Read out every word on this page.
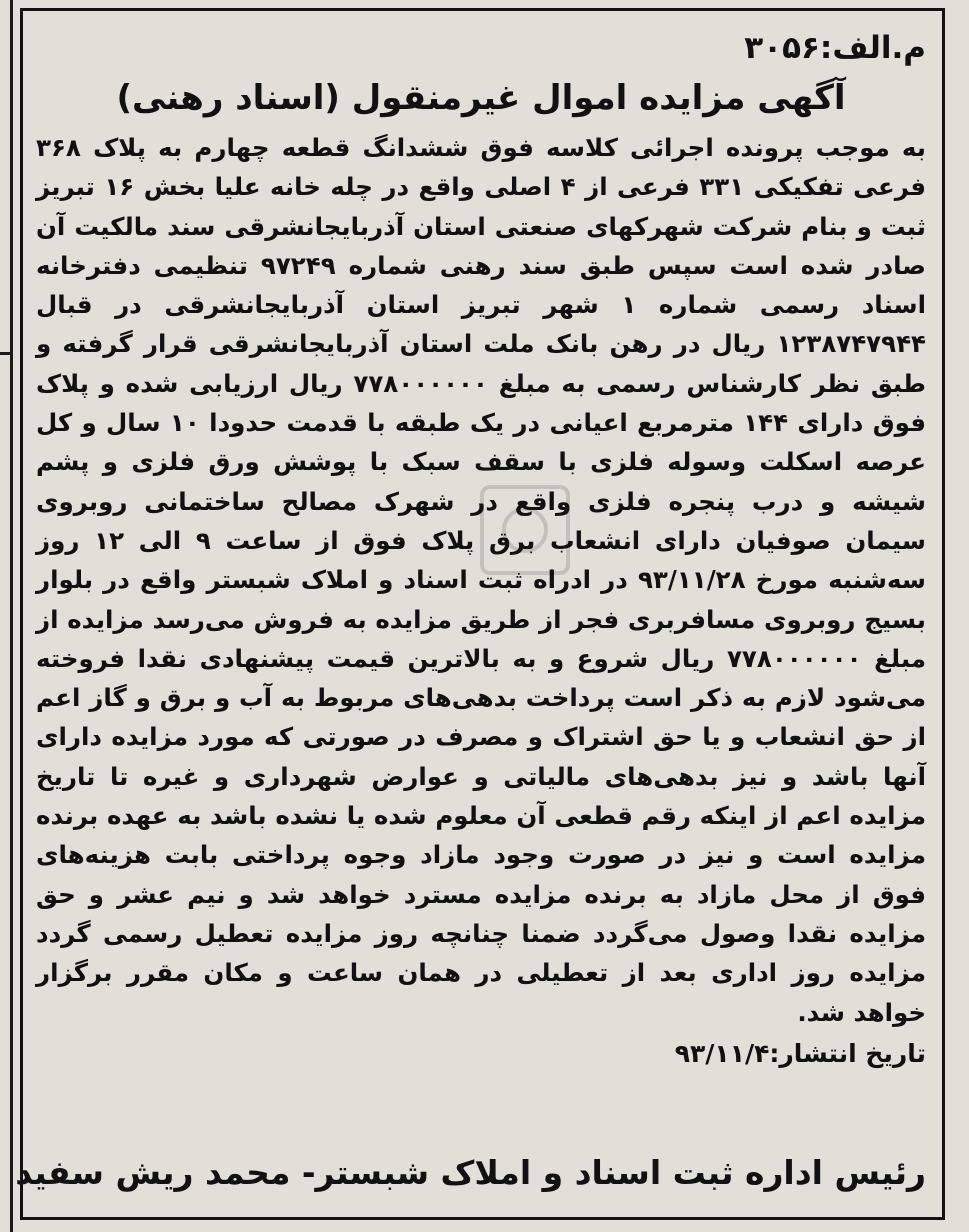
م.الف:۳۰۵۶
آگهی مزایده اموال غیرمنقول (اسناد رهنی)
به موجب پرونده اجرائی کلاسه فوق ششدانگ قطعه چهارم به پلاک ۳۶۸ فرعی تفکیکی ۳۳۱ فرعی از ۴ اصلی واقع در چله خانه علیا بخش ۱۶ تبریز ثبت و بنام شرکت شهرکهای صنعتی استان آذربایجانشرقی سند مالکیت آن صادر شده است سپس طبق سند رهنی شماره ۹۷۲۴۹ تنظیمی دفترخانه اسناد رسمی شماره ۱ شهر تبریز استان آذربایجانشرقی در قبال ۱۲۳۸۷۴۷۹۴۴ ریال در رهن بانک ملت استان آذربایجانشرقی قرار گرفته و طبق نظر کارشناس رسمی به مبلغ ۷۷۸۰۰۰۰۰۰ ریال ارزیابی شده و پلاک فوق دارای ۱۴۴ مترمربع اعیانی در یک طبقه با قدمت حدودا ۱۰ سال و کل عرصه اسکلت وسوله فلزی با سقف سبک با پوشش ورق فلزی و پشم شیشه و درب پنجره فلزی واقع در شهرک مصالح ساختمانی روبروی سیمان صوفیان دارای انشعاب برق پلاک فوق از ساعت ۹ الی ۱۲ روز سه‌شنبه مورخ ۹۳/۱۱/۲۸ در ادراه ثبت اسناد و املاک شبستر واقع در بلوار بسیج روبروی مسافربری فجر از طریق مزایده به فروش می‌رسد مزایده از مبلغ ۷۷۸۰۰۰۰۰۰ ریال شروع و به بالاترین قیمت پیشنهادی نقدا فروخته می‌شود لازم به ذکر است پرداخت بدهی‌های مربوط به آب و برق و گاز اعم از حق انشعاب و یا حق اشتراک و مصرف در صورتی که مورد مزایده دارای آنها باشد و نیز بدهی‌های مالیاتی و عوارض شهرداری و غیره تا تاریخ مزایده اعم از اینکه رقم قطعی آن معلوم شده یا نشده باشد به عهده برنده مزایده است و نیز در صورت وجود مازاد وجوه پرداختی بابت هزینه‌های فوق از محل مازاد به برنده مزایده مسترد خواهد شد و نیم عشر و حق مزایده نقدا وصول می‌گردد ضمنا چنانچه روز مزایده تعطیل رسمی گردد مزایده روز اداری بعد از تعطیلی در همان ساعت و مکان مقرر برگزار خواهد شد.
تاریخ انتشار:۹۳/۱۱/۴
رئیس اداره ثبت اسناد و املاک شبستر- محمد ریش سفید
